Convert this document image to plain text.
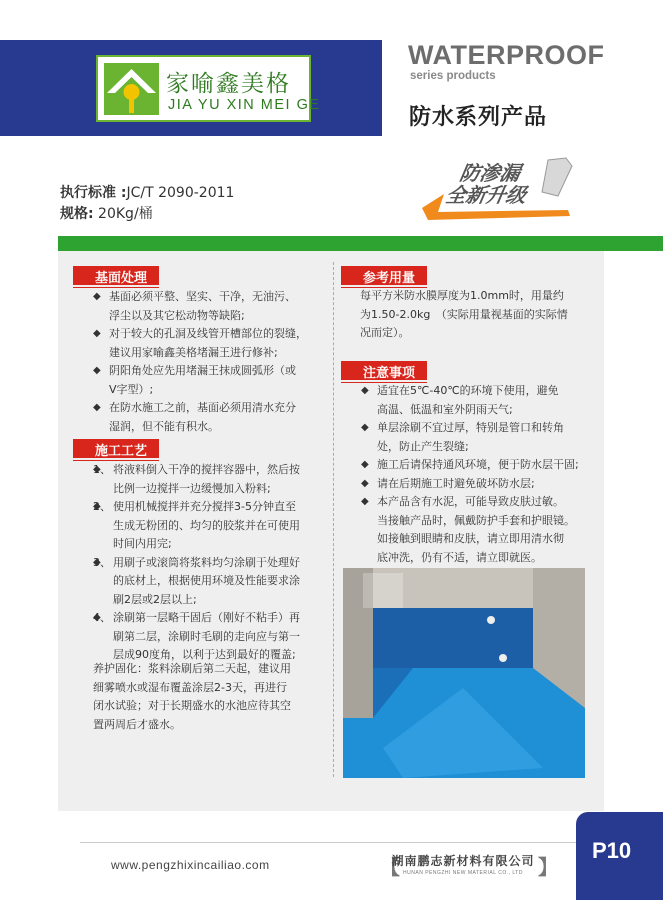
家喻鑫美格
JIA YU XIN MEI GE
WATERPROOF
series products
防水系列产品
执行标准 :JC/T 2090-2011
规格: 20Kg/桶
防渗漏
全新升级
基面处理
◆ 基面必须平整、坚实、干净，无油污、
浮尘以及其它松动物等缺陷;
◆ 对于较大的孔洞及线管开槽部位的裂缝，
建议用家喻鑫美格堵漏王进行修补;
◆ 阴阳角处应先用堵漏王抹成圆弧形（或
V字型）;
◆ 在防水施工之前，基面必须用清水充分
湿润，但不能有积水。
施工工艺
◆ 1、 将液料倒入干净的搅拌容器中，然后按
比例一边搅拌一边缓慢加入粉料;
◆ 2、 使用机械搅拌并充分搅拌3-5分钟直至
生成无粉团的、均匀的胶浆并在可使用
时间内用完;
◆ 3、 用刷子或滚筒将浆料均匀涂刷于处理好
的底材上，根据使用环境及性能要求涂
刷2层或2层以上;
◆ 4、 涂刷第一层略干固后（刚好不粘手）再
刷第二层，涂刷时毛刷的走向应与第一
层成90度角，以利于达到最好的覆盖;
养护固化：浆料涂刷后第二天起，建议用
细雾喷水或湿布覆盖涂层2-3天，再进行
闭水试验；对于长期盛水的水池应待其空
置两周后才盛水。
参考用量
每平方米防水膜厚度为1.0mm时，用量约
为1.50-2.0kg　（实际用量视基面的实际情
况而定）。
注意事项
◆ 适宜在5℃-40℃的环境下使用，避免
高温、低温和室外阴雨天气;
◆ 单层涂刷不宜过厚，特别是管口和转角
处，防止产生裂缝;
◆ 施工后请保持通风环境，便于防水层干固;
◆ 请在后期施工时避免破坏防水层;
◆ 本产品含有水泥，可能导致皮肤过敏。
当接触产品时，佩戴防护手套和护眼镜。
如接触到眼睛和皮肤，请立即用清水彻
底冲洗，仍有不适，请立即就医。
www.pengzhixincailiao.com	【
湖南鹏志新材料有限公司
HUNAN PENGZHI NEW MATERIAL CO., LTD 】
P10
